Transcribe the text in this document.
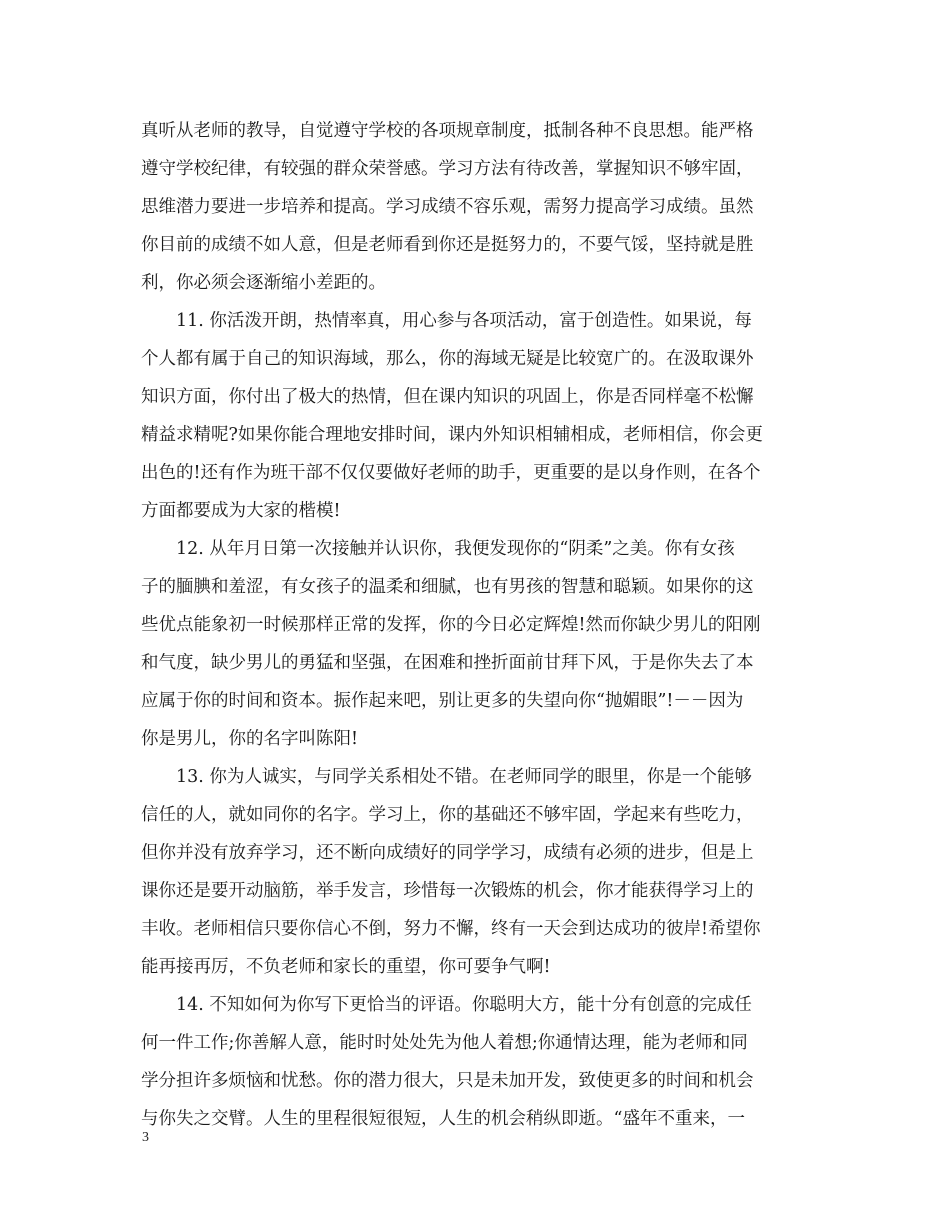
真听从老师的教导，自觉遵守学校的各项规章制度，抵制各种不良思想。能严格
遵守学校纪律，有较强的群众荣誉感。学习方法有待改善，掌握知识不够牢固，
思维潜力要进一步培养和提高。学习成绩不容乐观，需努力提高学习成绩。虽然
你目前的成绩不如人意，但是老师看到你还是挺努力的，不要气馁，坚持就是胜
利，你必须会逐渐缩小差距的。
11. 你活泼开朗，热情率真，用心参与各项活动，富于创造性。如果说，每
个人都有属于自己的知识海域，那么，你的海域无疑是比较宽广的。在汲取课外
知识方面，你付出了极大的热情，但在课内知识的巩固上，你是否同样毫不松懈
精益求精呢?如果你能合理地安排时间，课内外知识相辅相成，老师相信，你会更
出色的!还有作为班干部不仅仅要做好老师的助手，更重要的是以身作则，在各个
方面都要成为大家的楷模!
12. 从年月日第一次接触并认识你，我便发现你的“阴柔”之美。你有女孩
子的腼腆和羞涩，有女孩子的温柔和细腻，也有男孩的智慧和聪颖。如果你的这
些优点能象初一时候那样正常的发挥，你的今日必定辉煌!然而你缺少男儿的阳刚
和气度，缺少男儿的勇猛和坚强，在困难和挫折面前甘拜下风，于是你失去了本
应属于你的时间和资本。振作起来吧，别让更多的失望向你“抛媚眼”!－－因为
你是男儿，你的名字叫陈阳!
13. 你为人诚实，与同学关系相处不错。在老师同学的眼里，你是一个能够
信任的人，就如同你的名字。学习上，你的基础还不够牢固，学起来有些吃力，
但你并没有放弃学习，还不断向成绩好的同学学习，成绩有必须的进步，但是上
课你还是要开动脑筋，举手发言，珍惜每一次锻炼的机会，你才能获得学习上的
丰收。老师相信只要你信心不倒，努力不懈，终有一天会到达成功的彼岸!希望你
能再接再厉，不负老师和家长的重望，你可要争气啊!
14. 不知如何为你写下更恰当的评语。你聪明大方，能十分有创意的完成任
何一件工作;你善解人意，能时时处处先为他人着想;你通情达理，能为老师和同
学分担许多烦恼和忧愁。你的潜力很大，只是未加开发，致使更多的时间和机会
与你失之交臂。人生的里程很短很短，人生的机会稍纵即逝。“盛年不重来，一
3
